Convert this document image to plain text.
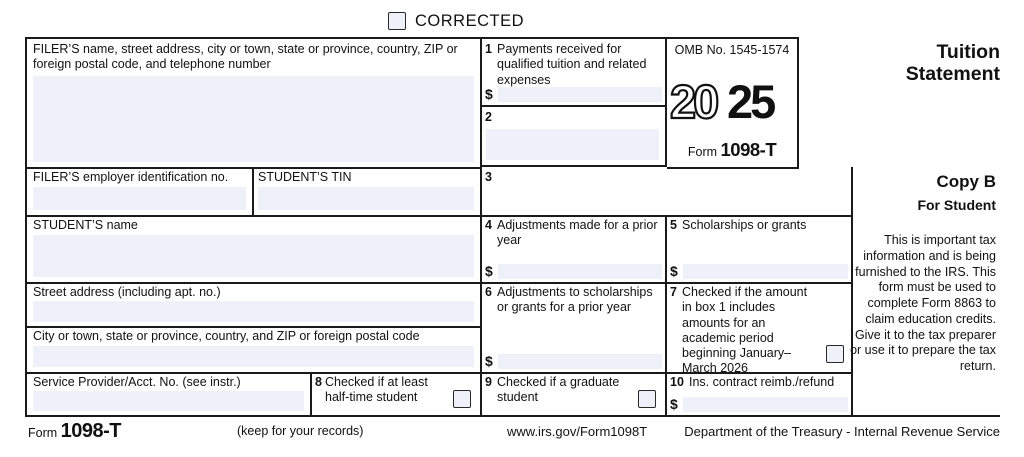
CORRECTED
FILER’S name, street address, city or town, state or province, country, ZIP or foreign postal code, and telephone number
1 Payments received for qualified tuition and related expenses
$
2
OMB No. 1545-1574
20 25
Form 1098-T
Tuition
Statement
FILER’S employer identification no.	STUDENT’S TIN	3	Copy B
For Student
This is important tax information and is being furnished to the IRS. This form must be used to complete Form 8863 to claim education credits. Give it to the tax preparer or use it to prepare the tax return.
STUDENT’S name	4 Adjustments made for a prior year
$
5 Scholarships or grants
$
Street address (including apt. no.)
City or town, state or province, country, and ZIP or foreign postal code
6 Adjustments to scholarships or grants for a prior year
$
7 Checked if the amount in box 1 includes amounts for an academic period beginning January–March 2026
Service Provider/Acct. No. (see instr.)	8 Checked if at least half-time student
9 Checked if a graduate student
10 Ins. contract reimb./refund
$
Form 1098-T	(keep for your records)	www.irs.gov/Form1098T	Department of the Treasury - Internal Revenue Service
